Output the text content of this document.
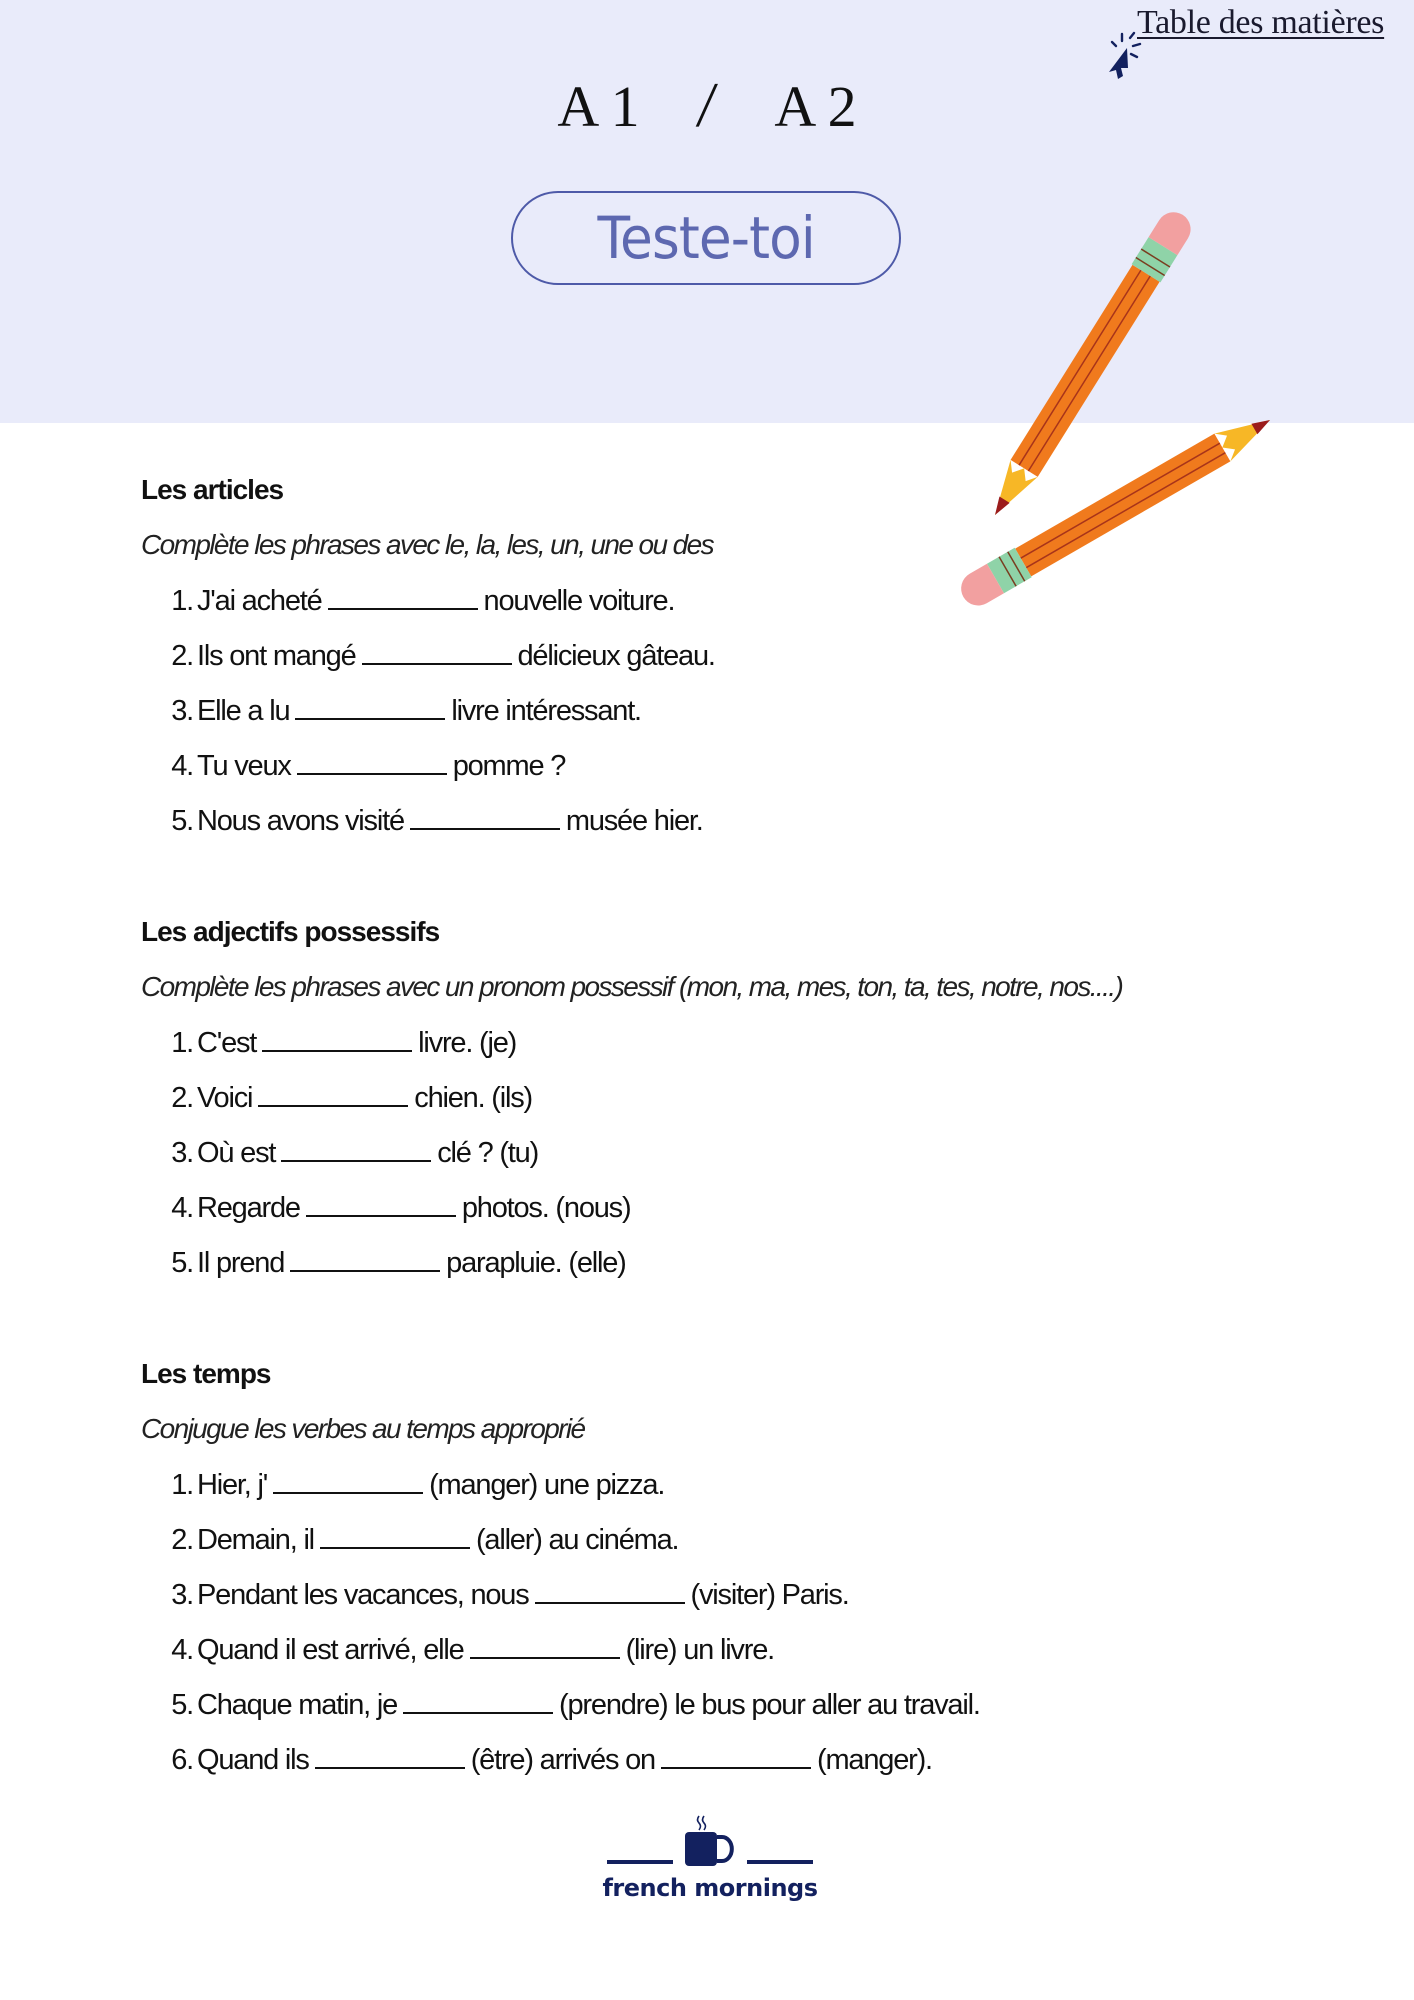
Table des matières
A 1 / A 2
Teste-toi
Les articles
Complète les phrases avec le, la, les, un, une ou des
1. J'ai acheté	nouvelle voiture.
2. Ils ont mangé	délicieux gâteau.
3. Elle a lu	livre intéressant.
4. Tu veux	pomme ?
5. Nous avons visité	musée hier.
Les adjectifs possessifs
Complète les phrases avec un pronom possessif (mon, ma, mes, ton, ta, tes, notre, nos....)
1. C'est	livre. (je)
2. Voici	chien. (ils)
3. Où est	clé ? (tu)
4. Regarde	photos. (nous)
5. Il prend	parapluie. (elle)
Les temps
Conjugue les verbes au temps approprié
1. Hier, j'	(manger) une pizza.
2. Demain, il	(aller) au cinéma.
3. Pendant les vacances, nous	(visiter) Paris.
4. Quand il est arrivé, elle	(lire) un livre.
5. Chaque matin, je	(prendre) le bus pour aller au travail.
6. Quand ils	(être) arrivés on	(manger).
french mornings
